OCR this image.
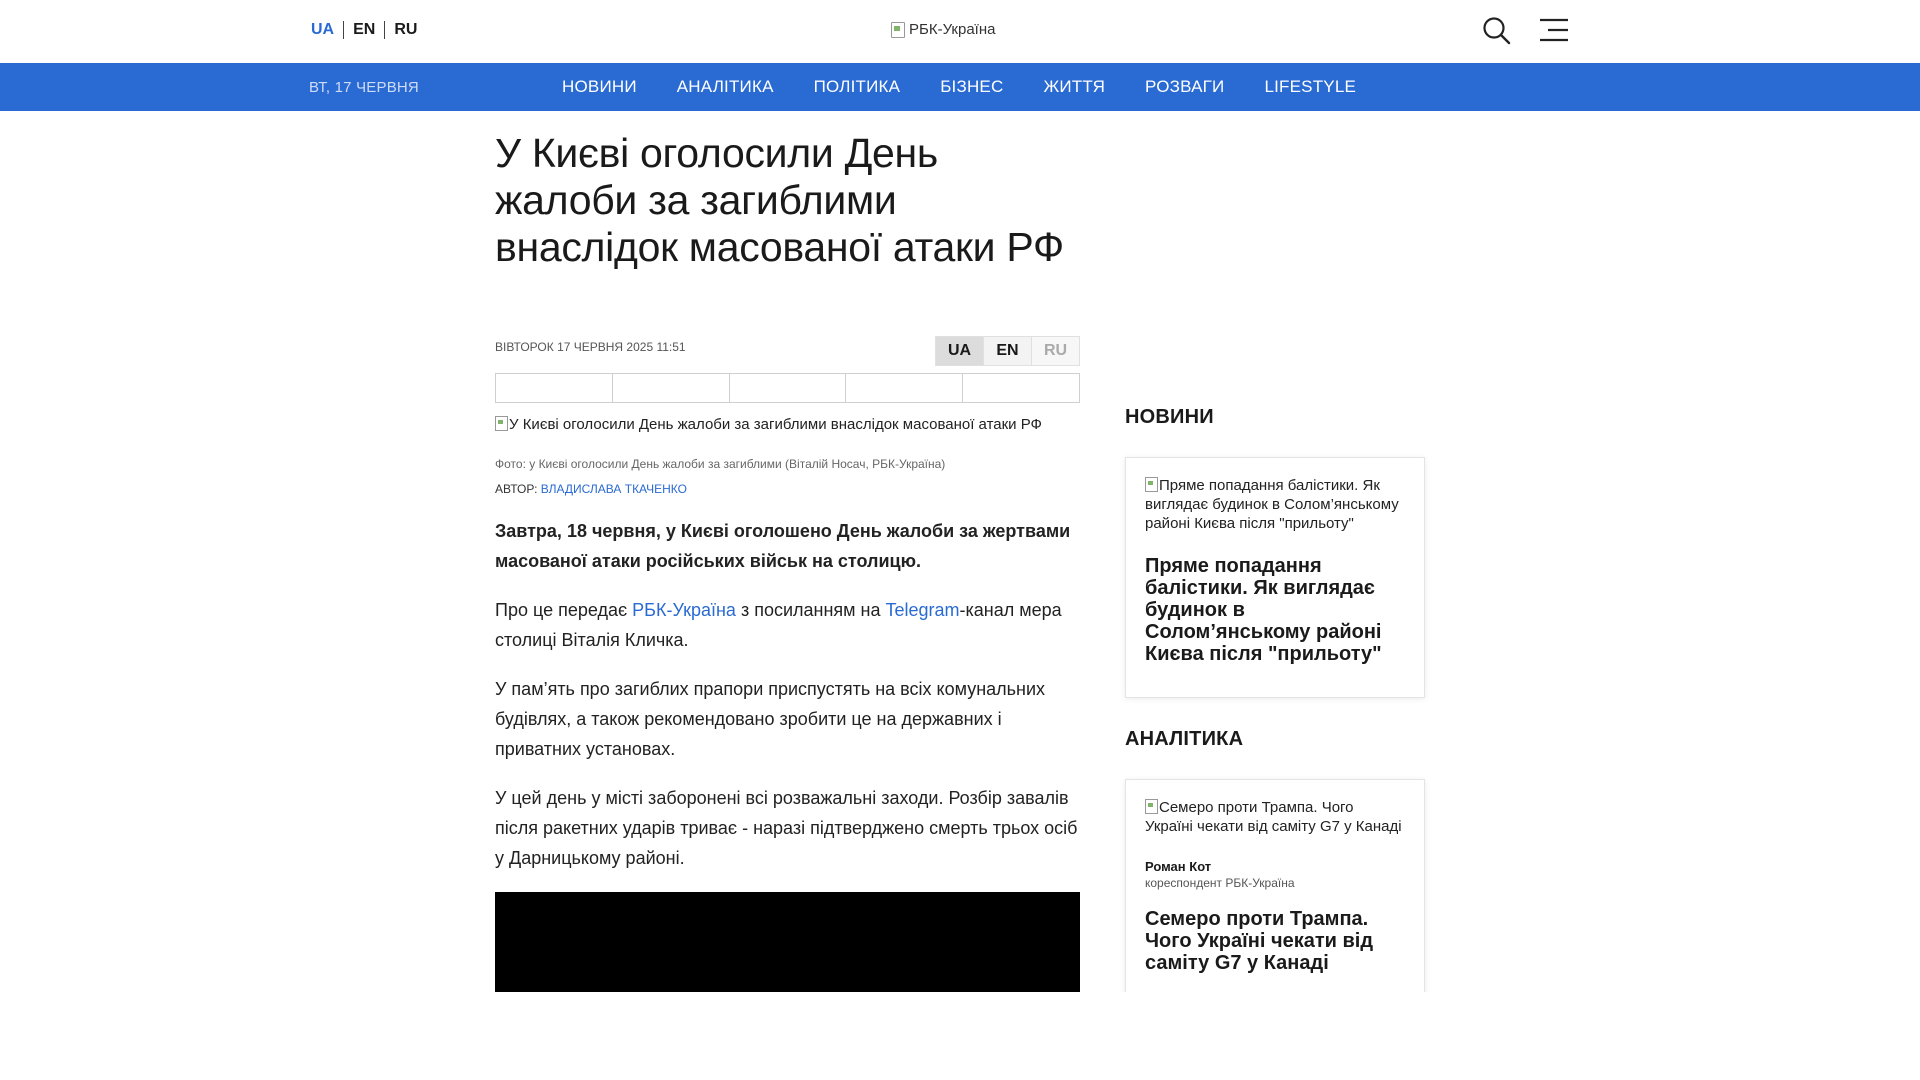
UA	EN	RU	РБК-Україна
ВТ, 17 ЧЕРВНЯ	НОВИНИ	АНАЛІТИКА	ПОЛІТИКА	БІЗНЕС	ЖИТТЯ	РОЗВАГИ	LIFESTYLE
У Києві оголосили День жалоби за загиблими внаслідок масованої атаки РФ
ВІВТОРОК 17 ЧЕРВНЯ 2025 11:51	UA	EN	RU
У Києві оголосили День жалоби за загиблими внаслідок масованої атаки РФ
Фото: у Києві оголосили День жалоби за загиблими (Віталій Носач, РБК-Україна)
АВТОР: ВЛАДИСЛАВА ТКАЧЕНКО

Завтра, 18 червня, у Києві оголошено День жалоби за жертвами масованої атаки російських військ на столицю.

Про це передає РБК-Україна з посиланням на Telegram-канал мера столиці Віталія Кличка.

У пам’ять про загиблих прапори приспустять на всіх комунальних будівлях, а також рекомендовано зробити це на державних і приватних установах.

У цей день у місті заборонені всі розважальні заходи. Розбір завалів після ракетних ударів триває - наразі підтверджено смерть трьох осіб у Дарницькому районі.

НОВИНИ
Пряме попадання балістики. Як виглядає будинок в Солом’янському районі Києва після "прильоту"
Пряме попадання балістики. Як виглядає будинок в Солом’янському районі Києва після "прильоту"
АНАЛІТИКА
Семеро проти Трампа. Чого Україні чекати від саміту G7 у Канаді
Роман Кот
кореспондент РБК-Україна
Семеро проти Трампа. Чого Україні чекати від саміту G7 у Канаді
